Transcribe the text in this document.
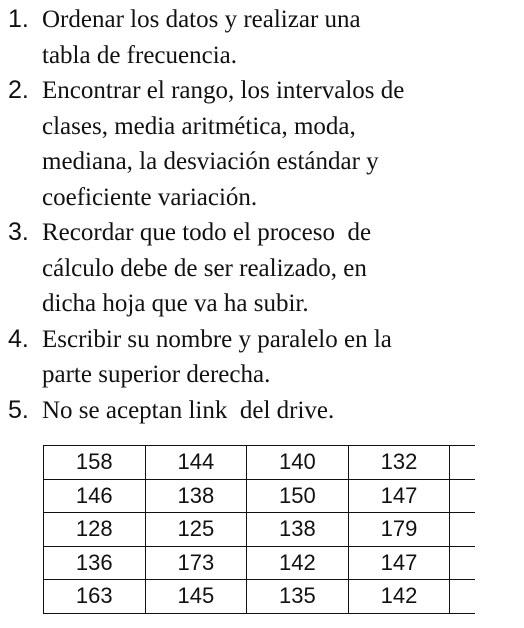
1. Ordenar los datos y realizar una
tabla de frecuencia.
2. Encontrar el rango, los intervalos de
clases, media aritmética, moda,
mediana, la desviación estándar y
coeficiente variación.
3. Recordar que todo el proceso  de
cálculo debe de ser realizado, en
dicha hoja que va ha subir.
4. Escribir su nombre y paralelo en la
parte superior derecha.
5. No se aceptan link  del drive.
158	144	140	132	
146	138	150	147	
128	125	138	179	
136	173	142	147	
163	145	135	142	
